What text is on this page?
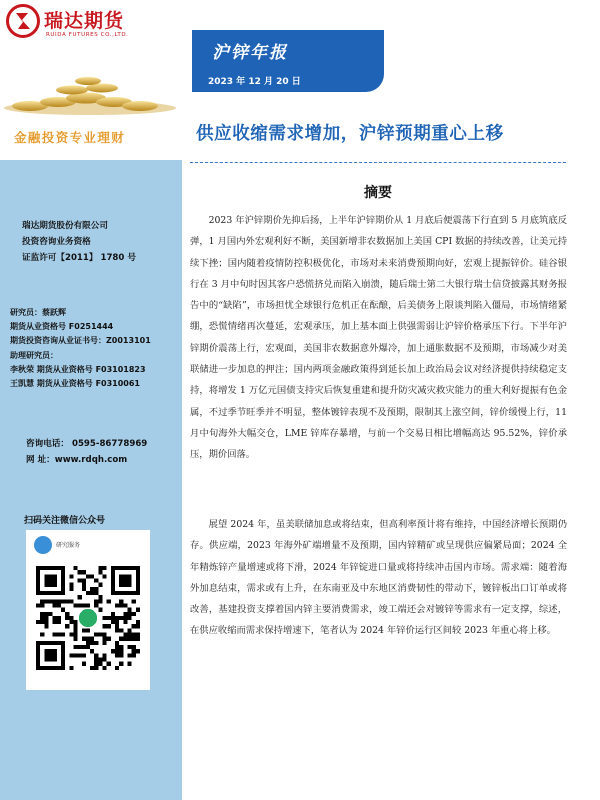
瑞达期货
RUIDA FUTURES CO.,LTD.
金融投资专业理财
瑞达期货股份有限公司
投资咨询业务资格
证监许可【2011】 1780 号
研究员：蔡跃辉
期货从业资格号 F0251444
期货投资咨询从业证书号：Z0013101
助理研究员：
李秋荣 期货从业资格号 F03101823
王凯慧 期货从业资格号 F0310061
咨询电话： 0595-86778969
网 址：www.rdqh.com
扫码关注微信公众号
研究服务
沪锌年报
2023 年 12 月 20 日
供应收缩需求增加，沪锌预期重心上移
摘要

2023 年沪锌期价先抑后扬，上半年沪锌期价从 1 月底后便震荡下行直到 5 月底筑底反弹，1 月国内外宏观利好不断，美国新增非农数据加上美国 CPI 数据的持续改善，让美元持续下挫；国内随着疫情防控积极优化，市场对未来消费预期向好，宏观上提振锌价。硅谷银行在 3 月中旬时因其客户恐慌挤兑而陷入崩溃，随后瑞士第二大银行瑞士信贷披露其财务报告中的“缺陷”，市场担忧全球银行危机正在酝酿，后美债务上限谈判陷入僵局，市场情绪紧绷，恐慌情绪再次蔓延，宏观承压，加上基本面上供强需弱让沪锌价格承压下行。下半年沪锌期价震荡上行，宏观面，美国非农数据意外爆冷，加上通胀数据不及预期，市场减少对美联储进一步加息的押注；国内两项金融政策得到延长加上政治局会议对经济提供持续稳定支持，将增发 1 万亿元国债支持灾后恢复重建和提升防灾减灾救灾能力的重大利好提振有色金属，不过季节旺季并不明显，整体镀锌表现不及预期，限制其上涨空间，锌价缓慢上行，11 月中旬海外大幅交仓，LME 锌库存暴增，与前一个交易日相比增幅高达 95.52%，锌价承压，期价回落。

展望 2024 年，虽美联储加息或将结束，但高利率预计将有维持，中国经济增长预期仍存。供应端，2023 年海外矿端增量不及预期，国内锌精矿或呈现供应偏紧局面；2024 全年精炼锌产量增速或将下滑，2024 年锌锭进口量或将持续冲击国内市场。需求端：随着海外加息结束，需求或有上升，在东南亚及中东地区消费韧性的带动下，镀锌板出口订单或将改善，基建投资支撑着国内锌主要消费需求，竣工端还会对镀锌等需求有一定支撑，综述，在供应收缩而需求保持增速下，笔者认为 2024 年锌价运行区间较 2023 年重心将上移。
